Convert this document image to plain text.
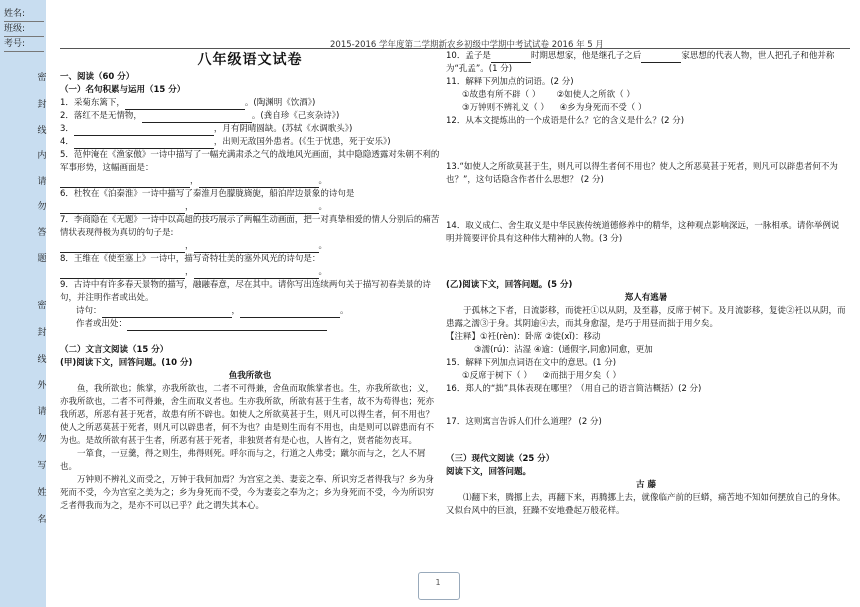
姓名:
班级:
考号:
密
封
线
内
请
勿
答
题
密
封
线
外
请
勿
写
姓
名
2015-2016 学年度第二学期新农乡初级中学期中考试试卷 2016 年 5 月
八年级语文试卷

一、阅读（60 分）

（一）名句积累与运用（15 分）

1．采菊东篱下，	。(陶渊明《饮酒》)

2．落红不是无情物，	。(龚自珍《己亥杂诗》)

3．	，月有阴晴圆缺。(苏轼《水调歌头》)

4．	，出则无敌国外患者。(《生于忧患，死于安乐》)

5．范仲淹在《渔家傲》一诗中描写了一幅充满肃杀之气的战地风光画面，其中隐隐透露对朱朝不利的军事形势，这幅画面是：

，	。

6．杜牧在《泊秦淮》一诗中描写了秦淮月色朦胧旖旎，船泊岸边景象的诗句是

，	。

7．李商隐在《无题》一诗中以高超的技巧展示了两幅生动画面，把一对真挚相爱的情人分别后的痛苦情状表现得极为真切的句子是:

，	。

8．王维在《使至塞上》一诗中，描写奇特壮美的塞外风光的诗句是：

，	。

9．古诗中有许多春天景物的描写，融融春意，尽在其中。请你写出连续两句关于描写初春美景的诗句，并注明作者或出处。

诗句：	，	。

作者或出处：

（二）文言文阅读（15 分）

(甲)阅读下文，回答问题。(10 分)

鱼我所欲也

鱼，我所欲也；熊掌，亦我所欲也，二者不可得兼，舍鱼而取熊掌者也。生，亦我所欲也；义，亦我所欲也，二者不可得兼，舍生而取义者也。生亦我所欲，所欲有甚于生者，故不为苟得也；死亦我所恶，所恶有甚于死者，故患有所不辟也。如使人之所欲莫甚于生，则凡可以得生者，何不用也？使人之所恶莫甚于死者，则凡可以辟患者，何不为也？由是则生而有不用也，由是则可以辟患而有不为也。是故所欲有甚于生者，所恶有甚于死者，非独贤者有是心也，人皆有之，贤者能勿丧耳。

一箪食，一豆羹，得之则生，弗得则死。呼尔而与之，行道之人弗受；蹴尔而与之，乞人不屑也。

万钟则不辨礼义而受之，万钟于我何加焉？为宫室之美、妻妾之奉、所识穷乏者得我与？乡为身死而不受，今为宫室之美为之；乡为身死而不受，今为妻妾之奉为之；乡为身死而不受，今为所识穷乏者得我而为之，是亦不可以已乎？此之谓失其本心。

10．孟子是	时期思想家，他是继孔子之后	家思想的代表人物，世人把孔子和他并称为“孔孟”。(1 分)

11．解释下列加点的词语。(2 分)

①故患有所不辟（ ） ②如使人之所欲（ ）

③万钟则不辨礼义（ ） ④乡为身死而不受（ ）

12．从本文提炼出的一个成语是什么？它的含义是什么？(2 分)

13.“如使人之所欲莫甚于生，则凡可以得生者何不用也？使人之所恶莫甚于死者，则凡可以辟患者何不为也？”，这句话隐含作者什么思想？ (2 分)

14．取义成仁、舍生取义是中华民族传统道德修养中的精华，这种观点影响深远，一脉相承。请你举例说明并简要评价具有这种伟大精神的人物。(3 分)

(乙)阅读下文，回答问题。(5 分)

郑人有逃暑

于孤林之下者，日流影移，而徙衽①以从阴，及至暮，反席于树下。及月流影移，复徙②衽以从阴，而患露之濡③于身。其阴逾④去，而其身愈湿，是巧于用昼而拙于用夕矣。

【注释】①衽(rèn)：卧席 ②徙(xǐ)：移动

③濡(rú)：沾湿 ④逾：(通假字,同愈)同愈，更加

15．解释下列加点词语在文中的意思。(1 分)

①反席于树下（ ） ②而拙于用夕矣（ ）

16．郑人的“拙”具体表现在哪里？（用自己的语言简洁概括）(2 分)

17．这则寓言告诉人们什么道理？ (2 分)

（三）现代文阅读（25 分）

阅读下文，回答问题。

古 藤

⑴翻下来，腾挪上去，再翻下来，再腾挪上去，就像临产前的巨蟒，痛苦地不知如何摆放自己的身体。又似台风中的巨浪，狂躁不安地叠起万般花样。

1
